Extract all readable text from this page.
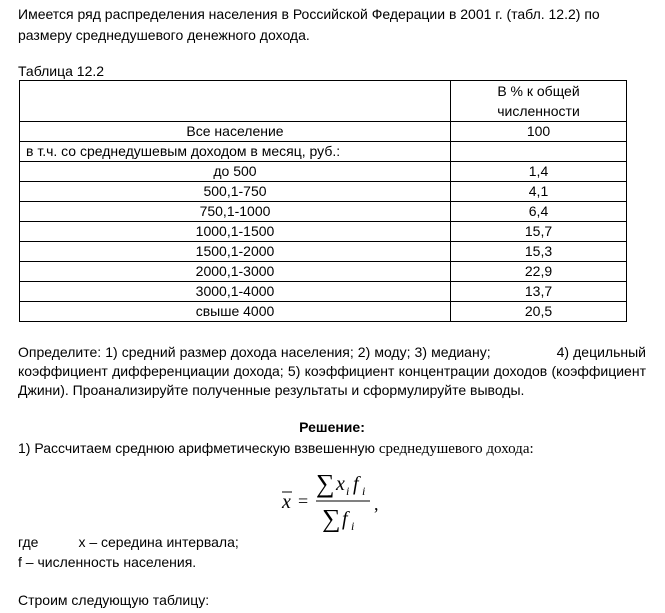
Имеется ряд распределения населения в Российской Федерации в 2001 г. (табл. 12.2) по размеру среднедушевого денежного дохода.

Таблица 12.2

	В % к общей
численности

Все население	100
в т.ч. со среднедушевым доходом в месяц, руб.:	
до 500	1,4
500,1-750	4,1
750,1-1000	6,4
1000,1-1500	15,7
1500,1-2000	15,3
2000,1-3000	22,9
3000,1-4000	13,7
свыше 4000	20,5

Определите: 1) средний размер дохода населения; 2) моду; 3) медиану;	4) децильный коэффициент дифференциации дохода; 5) коэффициент концентрации доходов (коэффициент Джини). Проанализируйте полученные результаты и сформулируйте выводы.

Решение:

1) Рассчитаем среднюю арифметическую взвешенную среднедушевого дохода:

x =
∑ x i f i
∑ f i
,

где	x – середина интервала;

f – численность населения.

Строим следующую таблицу:
